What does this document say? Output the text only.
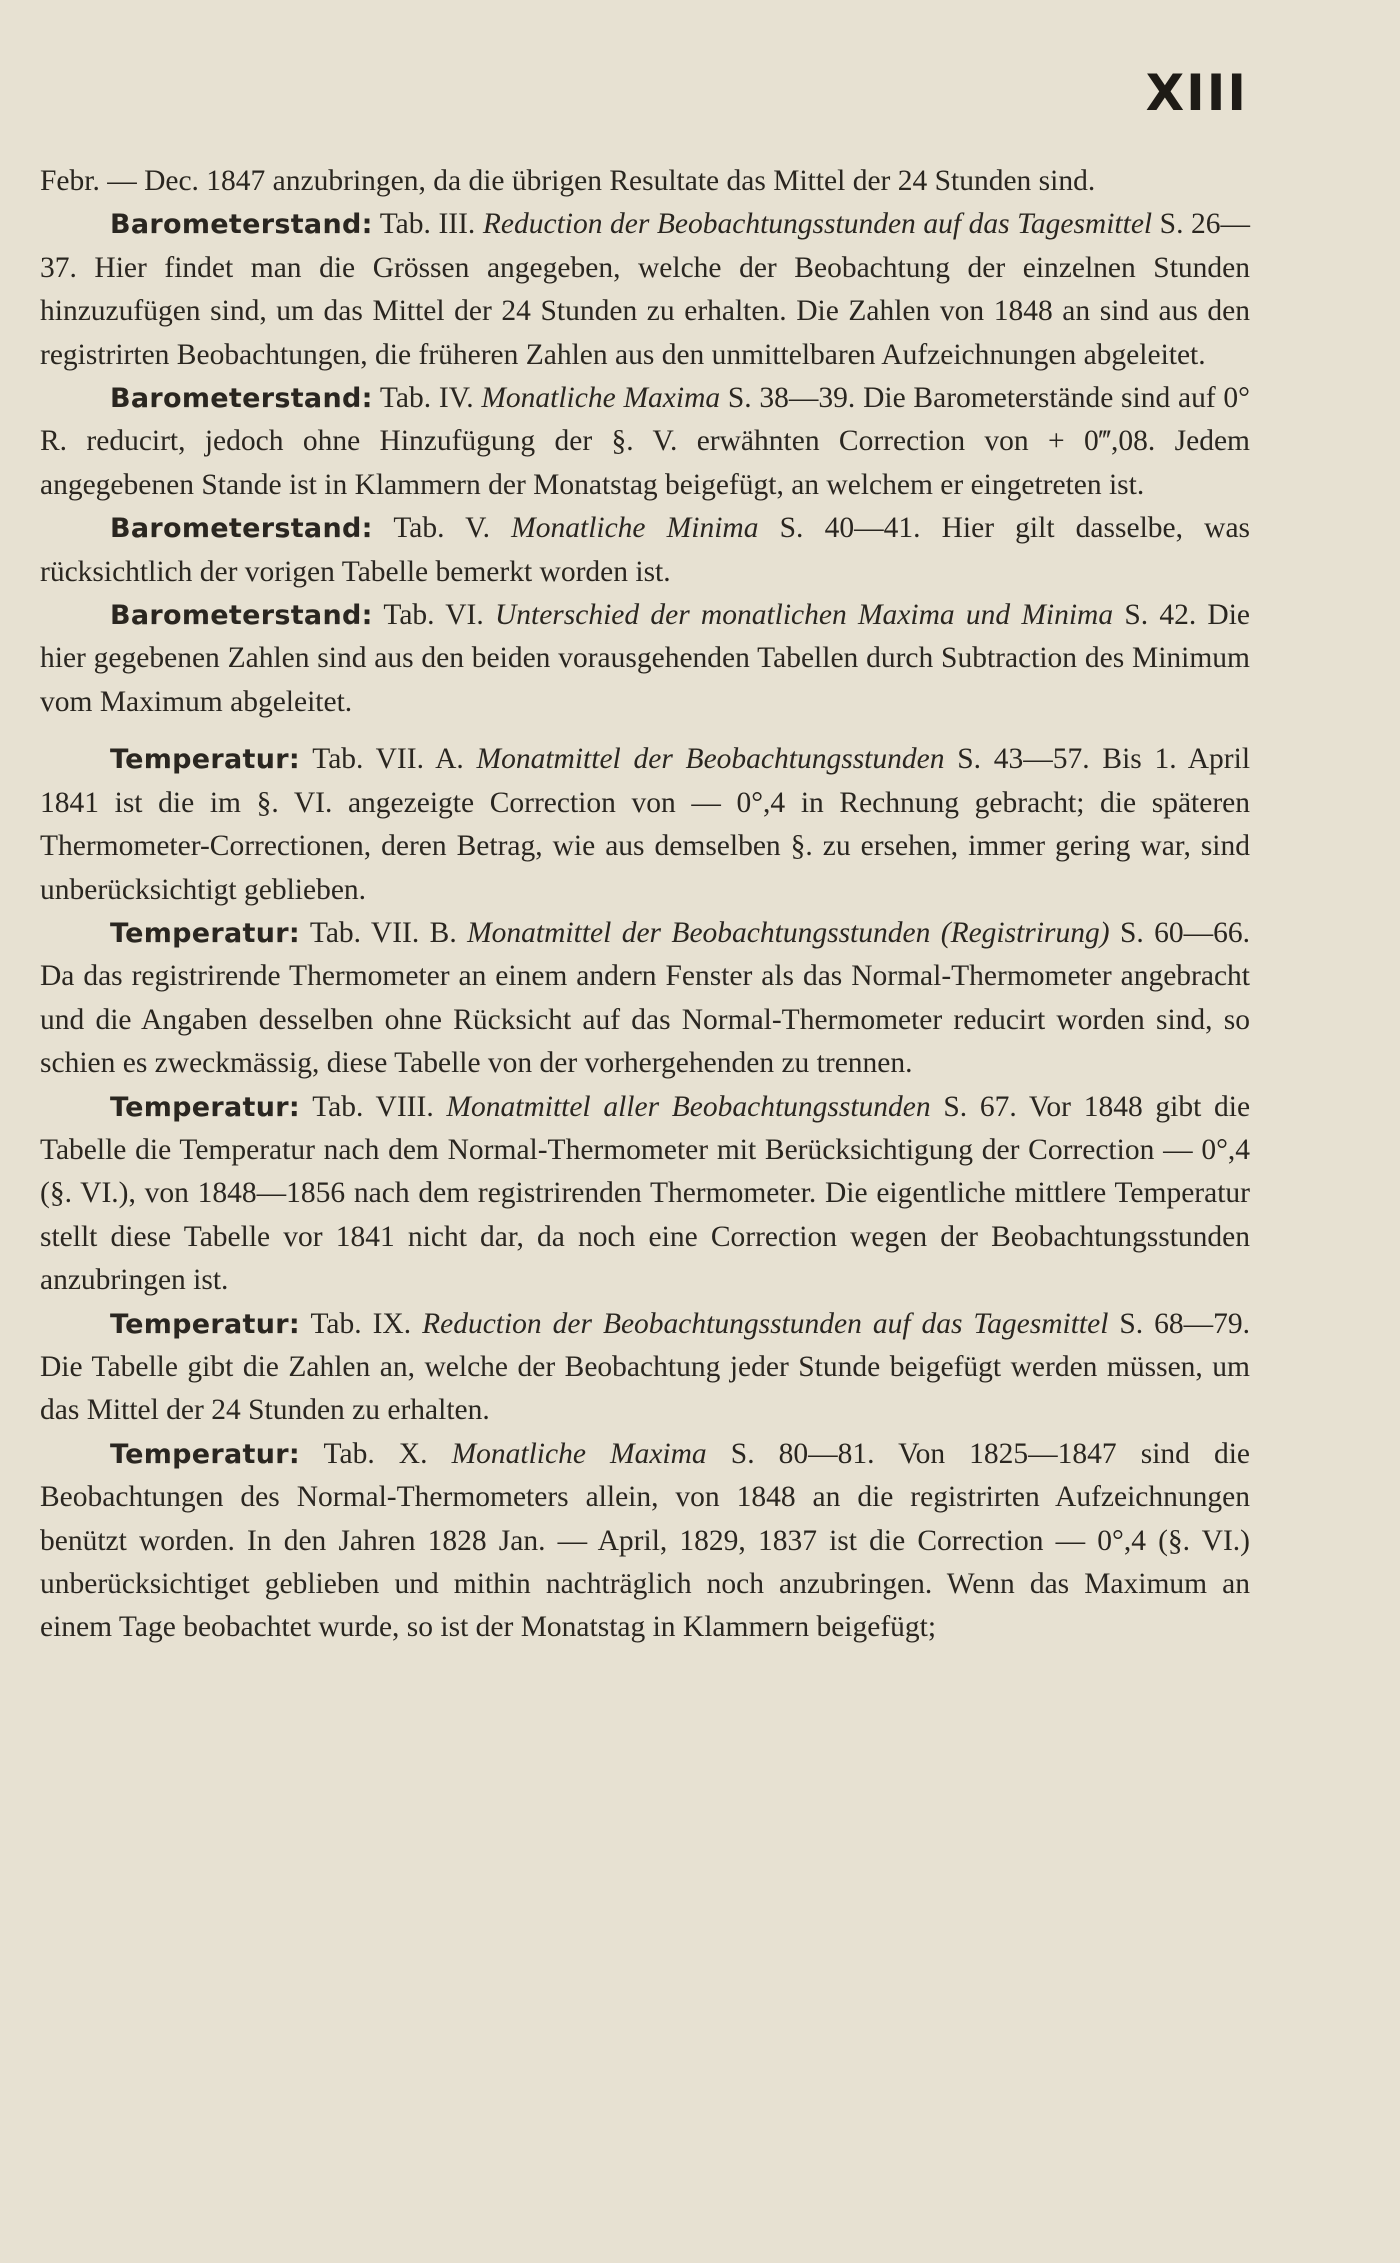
XIII

Febr. — Dec. 1847 anzubringen, da die übrigen Resultate das Mittel der 24 Stunden sind.

Barometerstand: Tab. III. Reduction der Beobachtungsstunden auf das Tagesmittel S. 26—37. Hier findet man die Grössen angegeben, welche der Beobachtung der einzelnen Stunden hinzuzufügen sind, um das Mittel der 24 Stunden zu erhalten. Die Zahlen von 1848 an sind aus den registrirten Beobachtungen, die früheren Zahlen aus den unmittelbaren Aufzeichnungen abgeleitet.

Barometerstand: Tab. IV. Monatliche Maxima S. 38—39. Die Barometerstände sind auf 0° R. reducirt, jedoch ohne Hinzufügung der §. V. erwähnten Correction von + 0‴,08. Jedem angegebenen Stande ist in Klammern der Monatstag beigefügt, an welchem er eingetreten ist.

Barometerstand: Tab. V. Monatliche Minima S. 40—41. Hier gilt dasselbe, was rücksichtlich der vorigen Tabelle bemerkt worden ist.

Barometerstand: Tab. VI. Unterschied der monatlichen Maxima und Minima S. 42. Die hier gegebenen Zahlen sind aus den beiden vorausgehenden Tabellen durch Subtraction des Minimum vom Maximum abgeleitet.

Temperatur: Tab. VII. A. Monatmittel der Beobachtungsstunden S. 43—57. Bis 1. April 1841 ist die im §. VI. angezeigte Correction von — 0°,4 in Rechnung gebracht; die späteren Thermometer-Correctionen, deren Betrag, wie aus demselben §. zu ersehen, immer gering war, sind unberücksichtigt geblieben.

Temperatur: Tab. VII. B. Monatmittel der Beobachtungsstunden (Registrirung) S. 60—66. Da das registrirende Thermometer an einem andern Fenster als das Normal-Thermometer angebracht und die Angaben desselben ohne Rücksicht auf das Normal-Thermometer reducirt worden sind, so schien es zweckmässig, diese Tabelle von der vorhergehenden zu trennen.

Temperatur: Tab. VIII. Monatmittel aller Beobachtungsstunden S. 67. Vor 1848 gibt die Tabelle die Temperatur nach dem Normal-Thermometer mit Berücksichtigung der Correction — 0°,4 (§. VI.), von 1848—1856 nach dem registrirenden Thermometer. Die eigentliche mittlere Temperatur stellt diese Tabelle vor 1841 nicht dar, da noch eine Correction wegen der Beobachtungsstunden anzubringen ist.

Temperatur: Tab. IX. Reduction der Beobachtungsstunden auf das Tagesmittel S. 68—79. Die Tabelle gibt die Zahlen an, welche der Beobachtung jeder Stunde beigefügt werden müssen, um das Mittel der 24 Stunden zu erhalten.

Temperatur: Tab. X. Monatliche Maxima S. 80—81. Von 1825—1847 sind die Beobachtungen des Normal-Thermometers allein, von 1848 an die registrirten Aufzeichnungen benützt worden. In den Jahren 1828 Jan. — April, 1829, 1837 ist die Correction — 0°,4 (§. VI.) unberücksichtiget geblieben und mithin nachträglich noch anzubringen. Wenn das Maximum an einem Tage beobachtet wurde, so ist der Monatstag in Klammern beigefügt;
